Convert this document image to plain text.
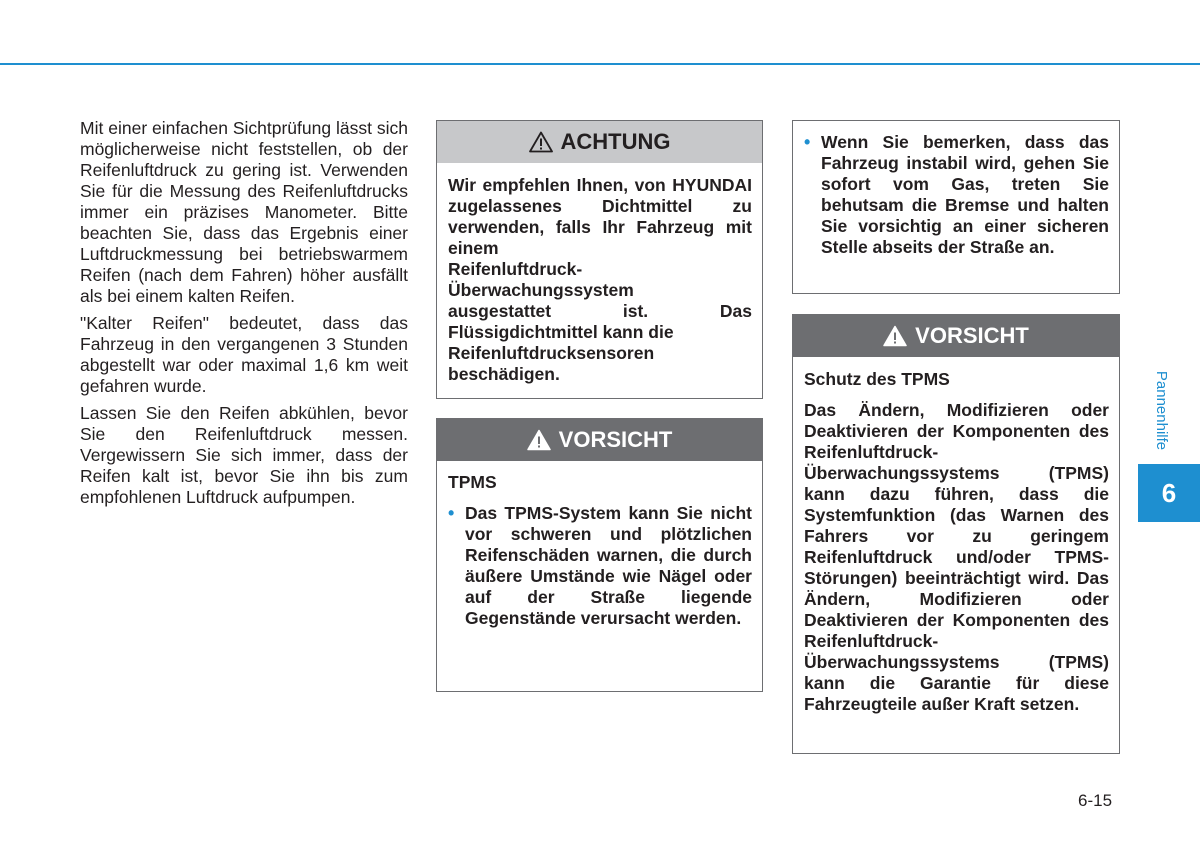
Mit einer einfachen Sichtprüfung lässt sich möglicherweise nicht feststellen, ob der Reifenluftdruck zu gering ist. Verwenden Sie für die Messung des Reifenluftdrucks immer ein präzises Manometer. Bitte beachten Sie, dass das Ergebnis einer Luftdruckmessung bei betriebswarmem Reifen (nach dem Fahren) höher ausfällt als bei einem kalten Reifen.

"Kalter Reifen" bedeutet, dass das Fahrzeug in den vergangenen 3 Stunden abgestellt war oder maximal 1,6 km weit gefahren wurde.

Lassen Sie den Reifen abkühlen, bevor Sie den Reifenluftdruck messen. Vergewissern Sie sich immer, dass der Reifen kalt ist, bevor Sie ihn bis zum empfohlenen Luftdruck aufpumpen.

ACHTUNG
Wir empfehlen Ihnen, von HYUNDAI zugelassenes Dichtmittel zu verwenden, falls Ihr Fahrzeug mit einem
Reifenluftdruck-
Überwachungssystem
ausgestattet ist. Das Flüssigdichtmittel kann die
Reifenluftdrucksensoren
beschädigen.
VORSICHT

TPMS

• Das TPMS-System kann Sie nicht vor schweren und plötzlichen Reifenschäden warnen, die durch äußere Umstände wie Nägel oder auf der Straße liegende Gegenstände verursacht werden.
• Wenn Sie bemerken, dass das Fahrzeug instabil wird, gehen Sie sofort vom Gas, treten Sie behutsam die Bremse und halten Sie vorsichtig an einer sicheren Stelle abseits der Straße an.
VORSICHT

Schutz des TPMS

Das Ändern, Modifizieren oder Deaktivieren der Komponenten des Reifenluftdruck-Überwachungssystems (TPMS) kann dazu führen, dass die Systemfunktion (das Warnen des Fahrers vor zu geringem Reifenluftdruck und/oder TPMS-Störungen) beeinträchtigt wird. Das Ändern, Modifizieren oder Deaktivieren der Komponenten des Reifenluftdruck-Überwachungssystems (TPMS) kann die Garantie für diese Fahrzeugteile außer Kraft setzen.
Pannenhilfe
6
6-15
